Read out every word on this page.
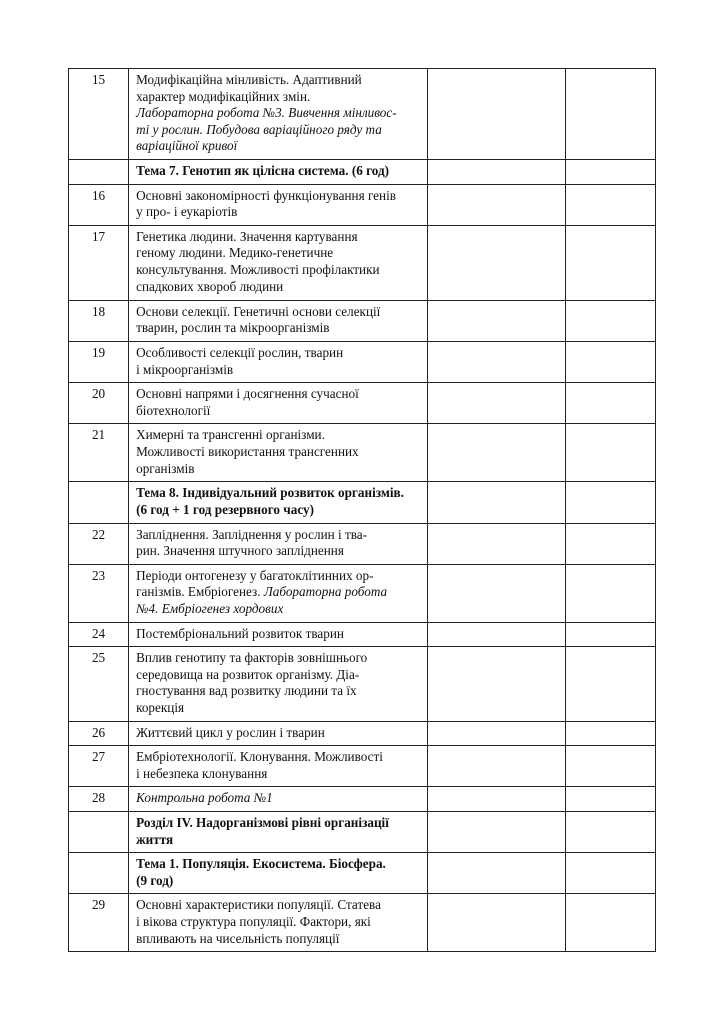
15	Модифікаційна мінливість. Адаптивний
характер модифікаційних змін.
Лабораторна робота №3. Вивчення мінливос-
ті у рослин. Побудова варіаційного ряду та
варіаційної кривої		

	Тема 7. Генотип як цілісна система. (6 год)		

16	Основні закономірності функціонування генів
у про- і еукаріотів		

17	Генетика людини. Значення картування
геному людини. Медико-генетичне
консультування. Можливості профілактики
спадкових хвороб людини		

18	Основи селекції. Генетичні основи селекції
тварин, рослин та мікроорганізмів		

19	Особливості селекції рослин, тварин
і мікроорганізмів		

20	Основні напрями і досягнення сучасної
біотехнології		

21	Химерні та трансгенні організми.
Можливості використання трансгенних
організмів		

	Тема 8. Індивідуальний розвиток організмів.
(6 год + 1 год резервного часу)		

22	Запліднення. Запліднення у рослин і тва-
рин. Значення штучного запліднення		

23	Періоди онтогенезу у багатоклітинних ор-
ганізмів. Ембріогенез. Лабораторна робота
№4. Ембріогенез хордових		

24	Постембріональний розвиток тварин		

25	Вплив генотипу та факторів зовнішнього
середовища на розвиток організму. Діа-
гностування вад розвитку людини та їх
корекція		

26	Життєвий цикл у рослин і тварин		

27	Ембріотехнології. Клонування. Можливості
і небезпека клонування		

28	Контрольна робота №1		

	Розділ IV. Надорганізмові рівні організації
життя		

	Тема 1. Популяція. Екосистема. Біосфера.
(9 год)		

29	Основні характеристики популяції. Статева
і вікова структура популяції. Фактори, які
впливають на чисельність популяції		
